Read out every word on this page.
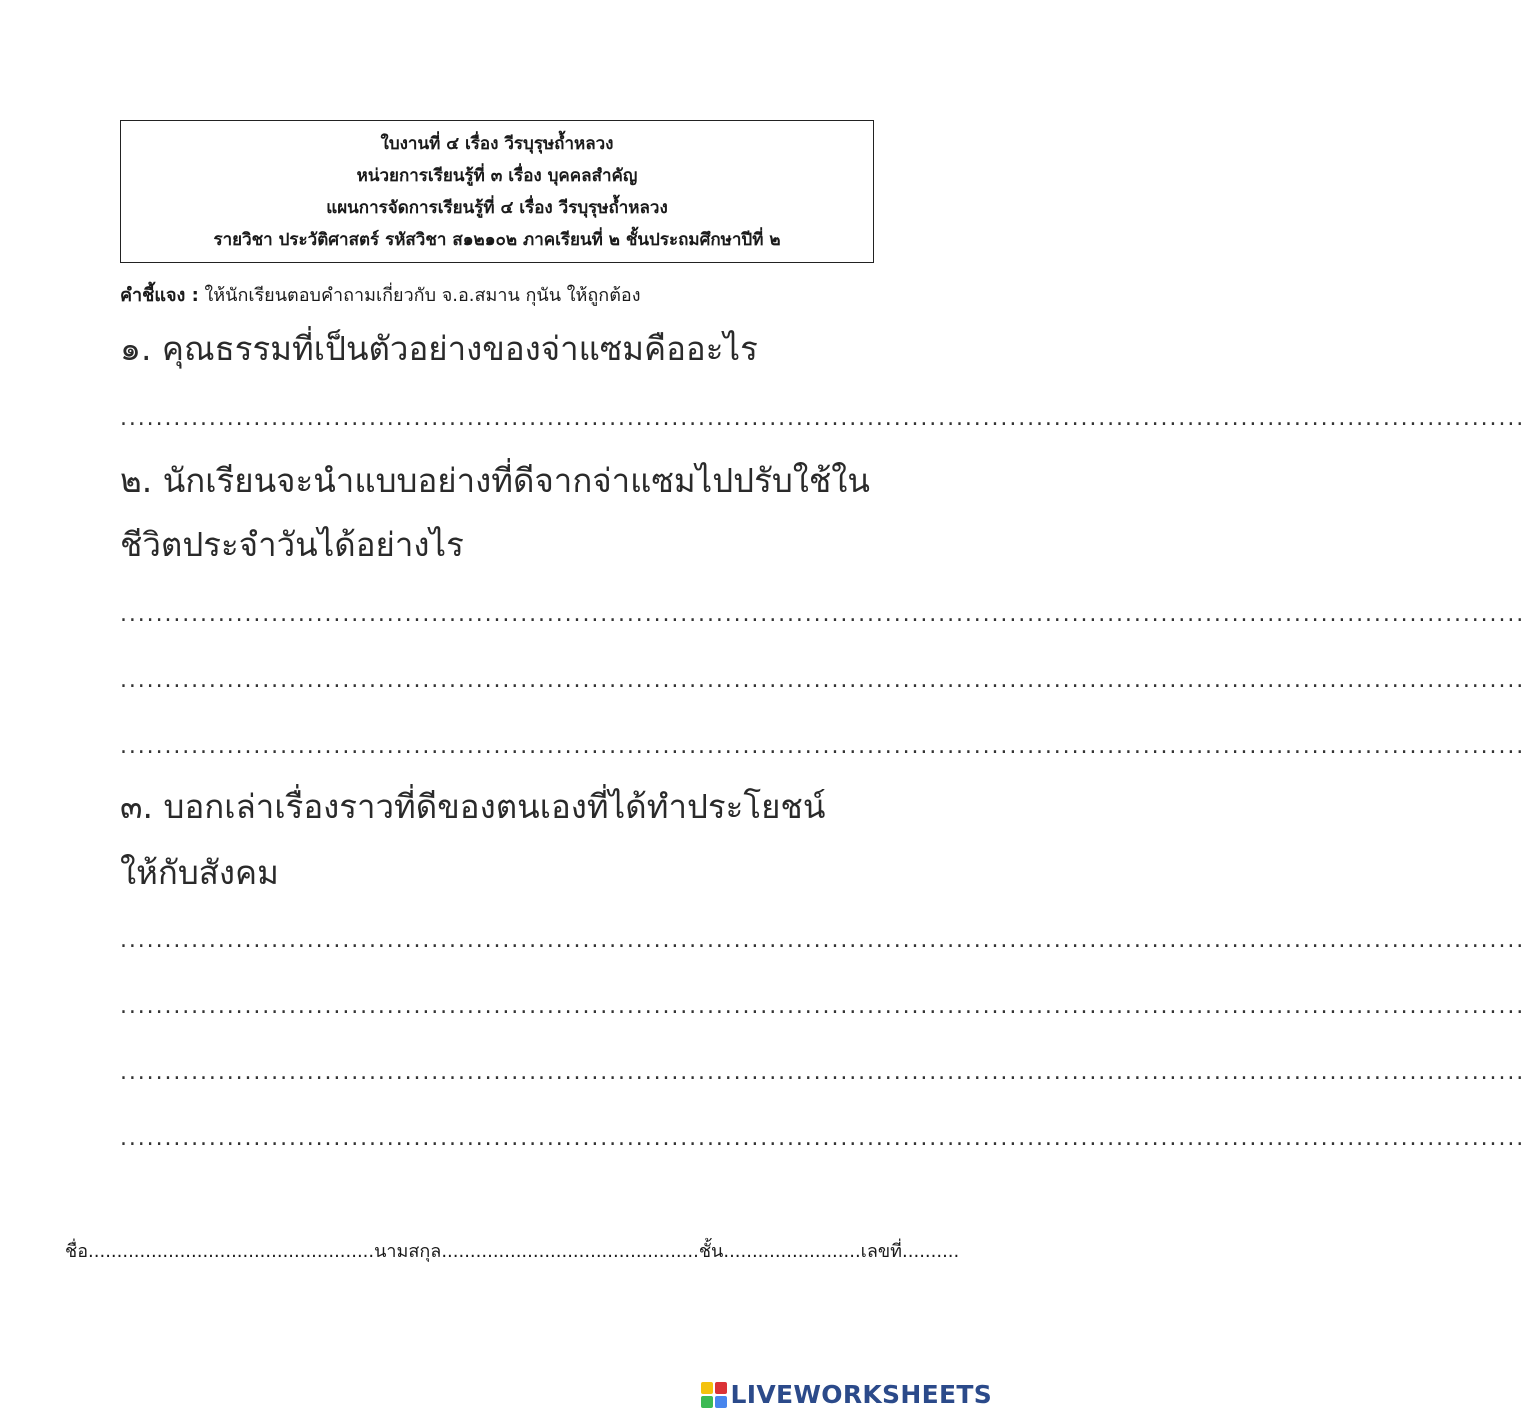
ใบงานที่ ๔ เรื่อง วีรบุรุษถ้ำหลวง
หน่วยการเรียนรู้ที่ ๓ เรื่อง บุคคลสำคัญ
แผนการจัดการเรียนรู้ที่ ๔ เรื่อง วีรบุรุษถ้ำหลวง
รายวิชา ประวัติศาสตร์ รหัสวิชา ส๑๒๑๐๒ ภาคเรียนที่ ๒ ชั้นประถมศึกษาปีที่ ๒
คำชี้แจง : ให้นักเรียนตอบคำถามเกี่ยวกับ จ.อ.สมาน กุนัน ให้ถูกต้อง
๑. คุณธรรมที่เป็นตัวอย่างของจ่าแซมคืออะไร
..............................................................................................................................................................
๒. นักเรียนจะนำแบบอย่างที่ดีจากจ่าแซมไปปรับใช้ใน
ชีวิตประจำวันได้อย่างไร
..............................................................................................................................................................
..............................................................................................................................................................
..............................................................................................................................................................
๓. บอกเล่าเรื่องราวที่ดีของตนเองที่ได้ทำประโยชน์
ให้กับสังคม
..............................................................................................................................................................
..............................................................................................................................................................
..............................................................................................................................................................
..............................................................................................................................................................
ชื่อ..................................................นามสกุล.............................................ชั้น........................เลขที่..........
LIVEWORKSHEETS
